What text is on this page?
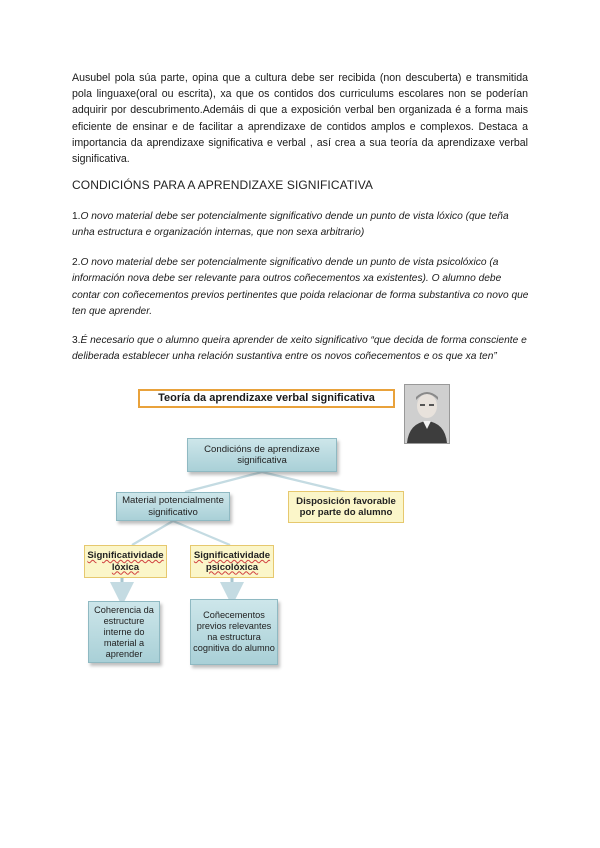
Ausubel pola súa parte, opina que a cultura debe ser recibida (non descuberta) e transmitida pola linguaxe(oral ou escrita), xa que os contidos dos curriculums escolares non se poderían adquirir por descubrimento.Ademáis di que a exposición verbal ben organizada é a forma mais eficiente de ensinar e de facilitar a aprendizaxe de contidos amplos e complexos. Destaca a importancia da aprendizaxe significativa e verbal , así crea a sua teoría da aprendizaxe verbal significativa.

CONDICIÓNS PARA A APRENDIZAXE SIGNIFICATIVA

1.O novo material debe ser potencialmente significativo dende un punto de vista lóxico (que teña unha estructura e organización internas, que non sexa arbitrario)

2.O novo material debe ser potencialmente significativo dende un punto de vista psicolóxico (a información nova debe ser relevante para outros coñecementos xa existentes). O alumno debe contar con coñecementos previos pertinentes que poida relacionar de forma substantiva co novo que ten que aprender.

3.É necesario que o alumno queira aprender de xeito significativo “que decida de forma consciente e deliberada establecer unha relación sustantiva entre os novos coñecementos e os que xa ten”

Teoría da aprendizaxe verbal significativa
Condicións de aprendizaxe significativa
Material potencialmente significativo
Disposición favorable por parte do alumno
Significatividade lóxica
Significatividade psicolóxica
Coherencia da estructure interne do material a aprender
Coñecementos previos relevantes na estructura cognitiva do alumno
